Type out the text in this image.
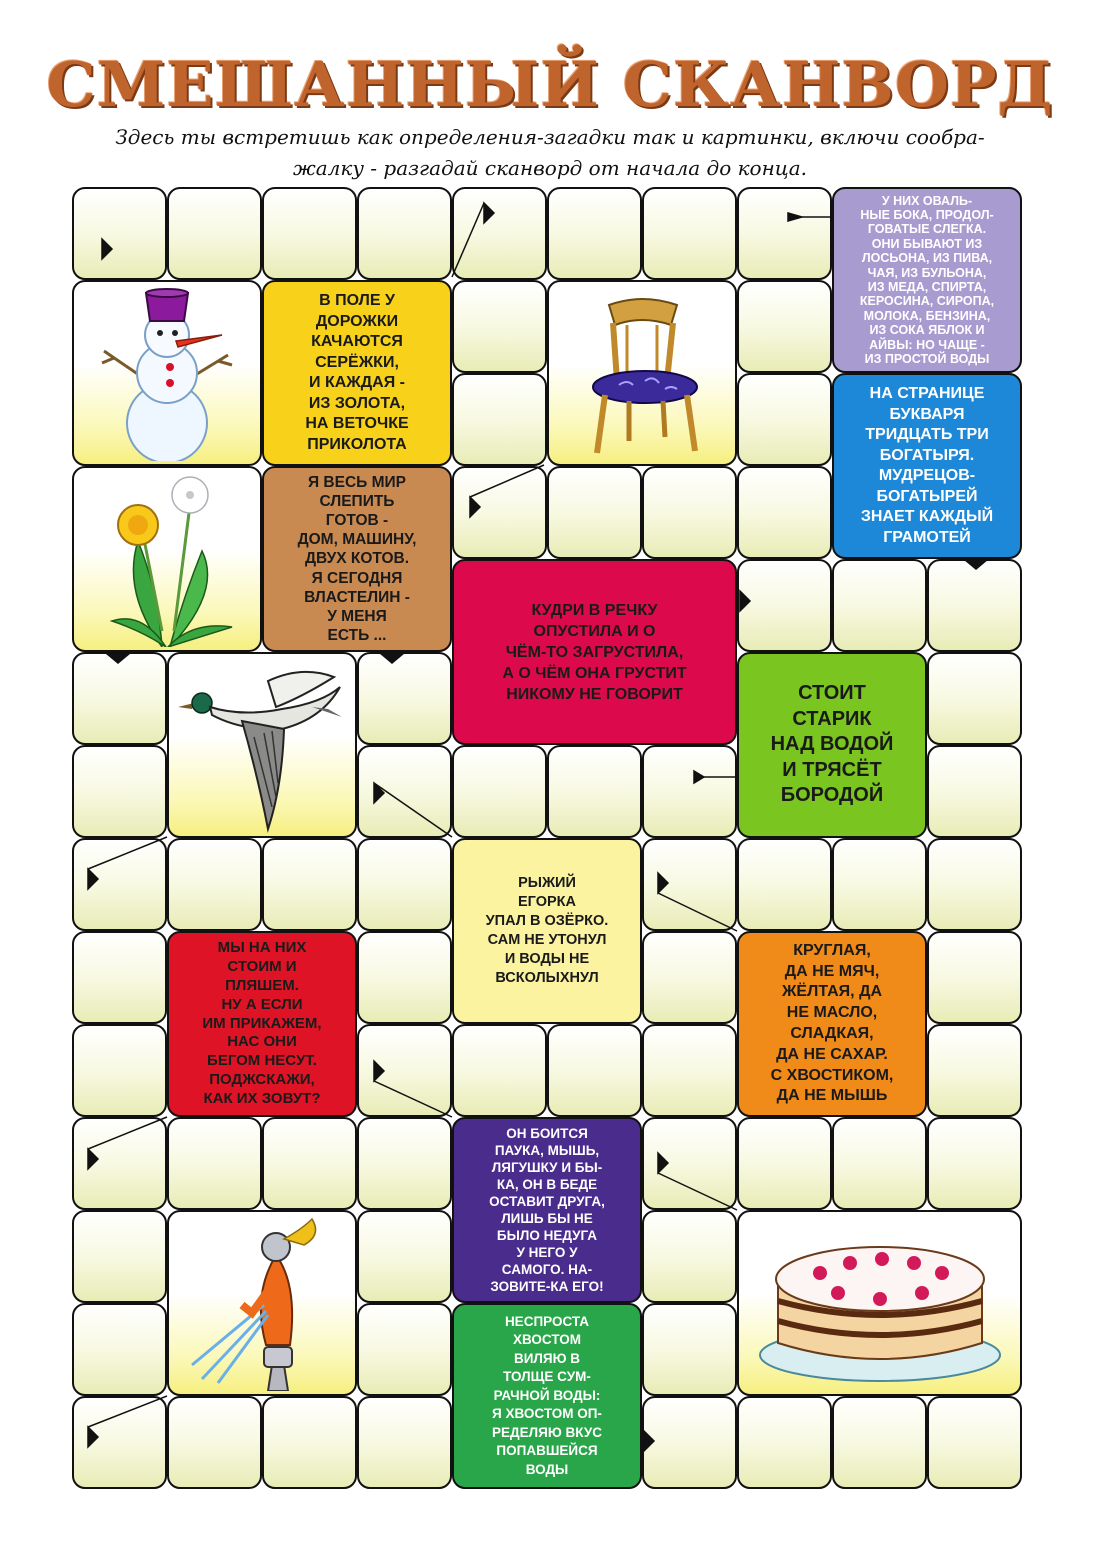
СМЕШАННЫЙ СКАНВОРД

Здесь ты встретишь как определения-загадки так и картинки, включи сообра-
жалку - разгадай сканворд от начала до конца.

У НИХ ОВАЛЬ-
НЫЕ БОКА, ПРОДОЛ-
ГОВАТЫЕ СЛЕГКА.
ОНИ БЫВАЮТ ИЗ
ЛОСЬОНА, ИЗ ПИВА,
ЧАЯ, ИЗ БУЛЬОНА,
ИЗ МЕДА, СПИРТА,
КЕРОСИНА, СИРОПА,
МОЛОКА, БЕНЗИНА,
ИЗ СОКА ЯБЛОК И
АЙВЫ: НО ЧАЩЕ -
ИЗ ПРОСТОЙ ВОДЫ
В ПОЛЕ У
ДОРОЖКИ
КАЧАЮТСЯ
СЕРЁЖКИ,
И КАЖДАЯ -
ИЗ ЗОЛОТА,
НА ВЕТОЧКЕ
ПРИКОЛОТА
НА СТРАНИЦЕ
БУКВАРЯ
ТРИДЦАТЬ ТРИ
БОГАТЫРЯ.
МУДРЕЦОВ-
БОГАТЫРЕЙ
ЗНАЕТ КАЖДЫЙ
ГРАМОТЕЙ
Я ВЕСЬ МИР
СЛЕПИТЬ
ГОТОВ -
ДОМ, МАШИНУ,
ДВУХ КОТОВ.
Я СЕГОДНЯ
ВЛАСТЕЛИН -
У МЕНЯ
ЕСТЬ ...
КУДРИ В РЕЧКУ
ОПУСТИЛА И О
ЧЁМ-ТО ЗАГРУСТИЛА,
А О ЧЁМ ОНА ГРУСТИТ
НИКОМУ НЕ ГОВОРИТ	СТОИТ
СТАРИК
НАД ВОДОЙ
И ТРЯСЁТ
БОРОДОЙ
РЫЖИЙ
ЕГОРКА
УПАЛ В ОЗЁРКО.
САМ НЕ УТОНУЛ
И ВОДЫ НЕ
ВСКОЛЫХНУЛ
КРУГЛАЯ,
ДА НЕ МЯЧ,
ЖЁЛТАЯ, ДА
НЕ МАСЛО,
СЛАДКАЯ,
ДА НЕ САХАР.
С ХВОСТИКОМ,
ДА НЕ МЫШЬ
МЫ НА НИХ
СТОИМ И
ПЛЯШЕМ.
НУ А ЕСЛИ
ИМ ПРИКАЖЕМ,
НАС ОНИ
БЕГОМ НЕСУТ.
ПОДЖСКАЖИ,
КАК ИХ ЗОВУТ?
ОН БОИТСЯ
ПАУКА, МЫШЬ,
ЛЯГУШКУ И БЫ-
КА, ОН В БЕДЕ
ОСТАВИТ ДРУГА,
ЛИШЬ БЫ НЕ
БЫЛО НЕДУГА
У НЕГО У
САМОГО. НА-
ЗОВИТЕ-КА ЕГО!
НЕСПРОСТА
ХВОСТОМ
ВИЛЯЮ В
ТОЛЩЕ СУМ-
РАЧНОЙ ВОДЫ:
Я ХВОСТОМ ОП-
РЕДЕЛЯЮ ВКУС
ПОПАВШЕЙСЯ
ВОДЫ
